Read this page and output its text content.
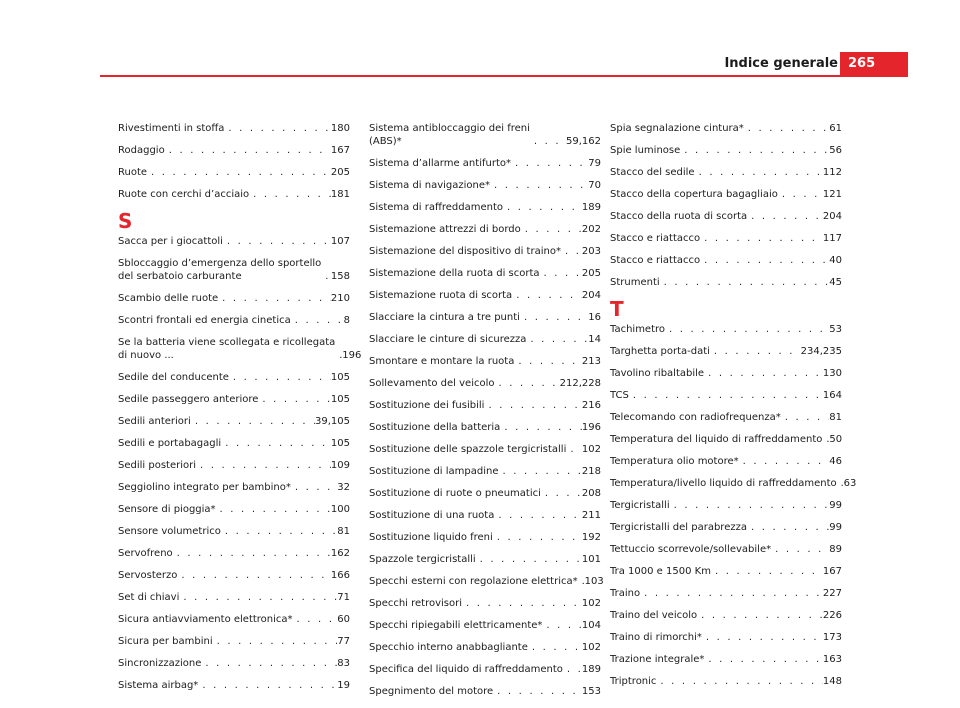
Indice generale 265
Rivestimenti in stoffa . . .	180
Rodaggio . . .	167
Ruote . . .	205
Ruote con cerchi d’acciaio . . .	181
S
Sacca per i giocattoli . . .	107
Sbloccaggio d’emergenza dello sportello
del serbatoio carburante . . .	158
Scambio delle ruote . . .	210
Scontri frontali ed energia cinetica . . .	8
Se la batteria viene scollegata e ricollegata
di nuovo ... . . .	196
Sedile del conducente . . .	105
Sedile passeggero anteriore . . .	105
Sedili anteriori . . .	39,105
Sedili e portabagagli . . .	105
Sedili posteriori . . .	109
Seggiolino integrato per bambino* . . .	32
Sensore di pioggia* . . .	100
Sensore volumetrico . . .	81
Servofreno . . .	162
Servosterzo . . .	166
Set di chiavi . . .	71
Sicura antiavviamento elettronica* . . .	60
Sicura per bambini . . .	77
Sincronizzazione . . .	83
Sistema airbag* . . .	19
Sistema antibloccaggio dei freni
(ABS)* . . .	59,162
Sistema d’allarme antifurto* . . .	79
Sistema di navigazione* . . .	70
Sistema di raffreddamento . . .	189
Sistemazione attrezzi di bordo . . .	202
Sistemazione del dispositivo di traino* . . . 203
Sistemazione della ruota di scorta . . .	205
Sistemazione ruota di scorta . . .	204
Slacciare la cintura a tre punti . . .	16
Slacciare le cinture di sicurezza . . .	14
Smontare e montare la ruota . . .	213
Sollevamento del veicolo . . .	212,228
Sostituzione dei fusibili . . .	216
Sostituzione della batteria . . .	196
Sostituzione delle spazzole tergicristalli . . . 102
Sostituzione di lampadine . . .	218
Sostituzione di ruote o pneumatici . . .	208
Sostituzione di una ruota . . .	211
Sostituzione liquido freni . . .	192
Spazzole tergicristalli . . .	101
Specchi esterni con regolazione elettrica* . . . 103
Specchi retrovisori . . .	102
Specchi ripiegabili elettricamente* . . .	104
Specchio interno anabbagliante . . .	102
Specifica del liquido di raffreddamento . . . 189
Spegnimento del motore . . .	153
Spia segnalazione cintura* . . .	61
Spie luminose . . .	56
Stacco del sedile . . .	112
Stacco della copertura bagagliaio . . .	121
Stacco della ruota di scorta . . .	204
Stacco e riattacco . . .	117
Stacco e riattacco . . .	40
Strumenti . . .	45
T
Tachimetro . . .	53
Targhetta porta-dati . . .	234,235
Tavolino ribaltabile . . .	130
TCS . . .	164
Telecomando con radiofrequenza* . . .	81
Temperatura del liquido di raffreddamento . . . 50
Temperatura olio motore* . . .	46
Temperatura/livello liquido di raffreddamento . . . 63
Tergicristalli . . .	99
Tergicristalli del parabrezza . . .	99
Tettuccio scorrevole/sollevabile* . . .	89
Tra 1000 e 1500 Km . . .	167
Traino . . .	227
Traino del veicolo . . .	226
Traino di rimorchi* . . .	173
Trazione integrale* . . .	163
Triptronic . . .	148
